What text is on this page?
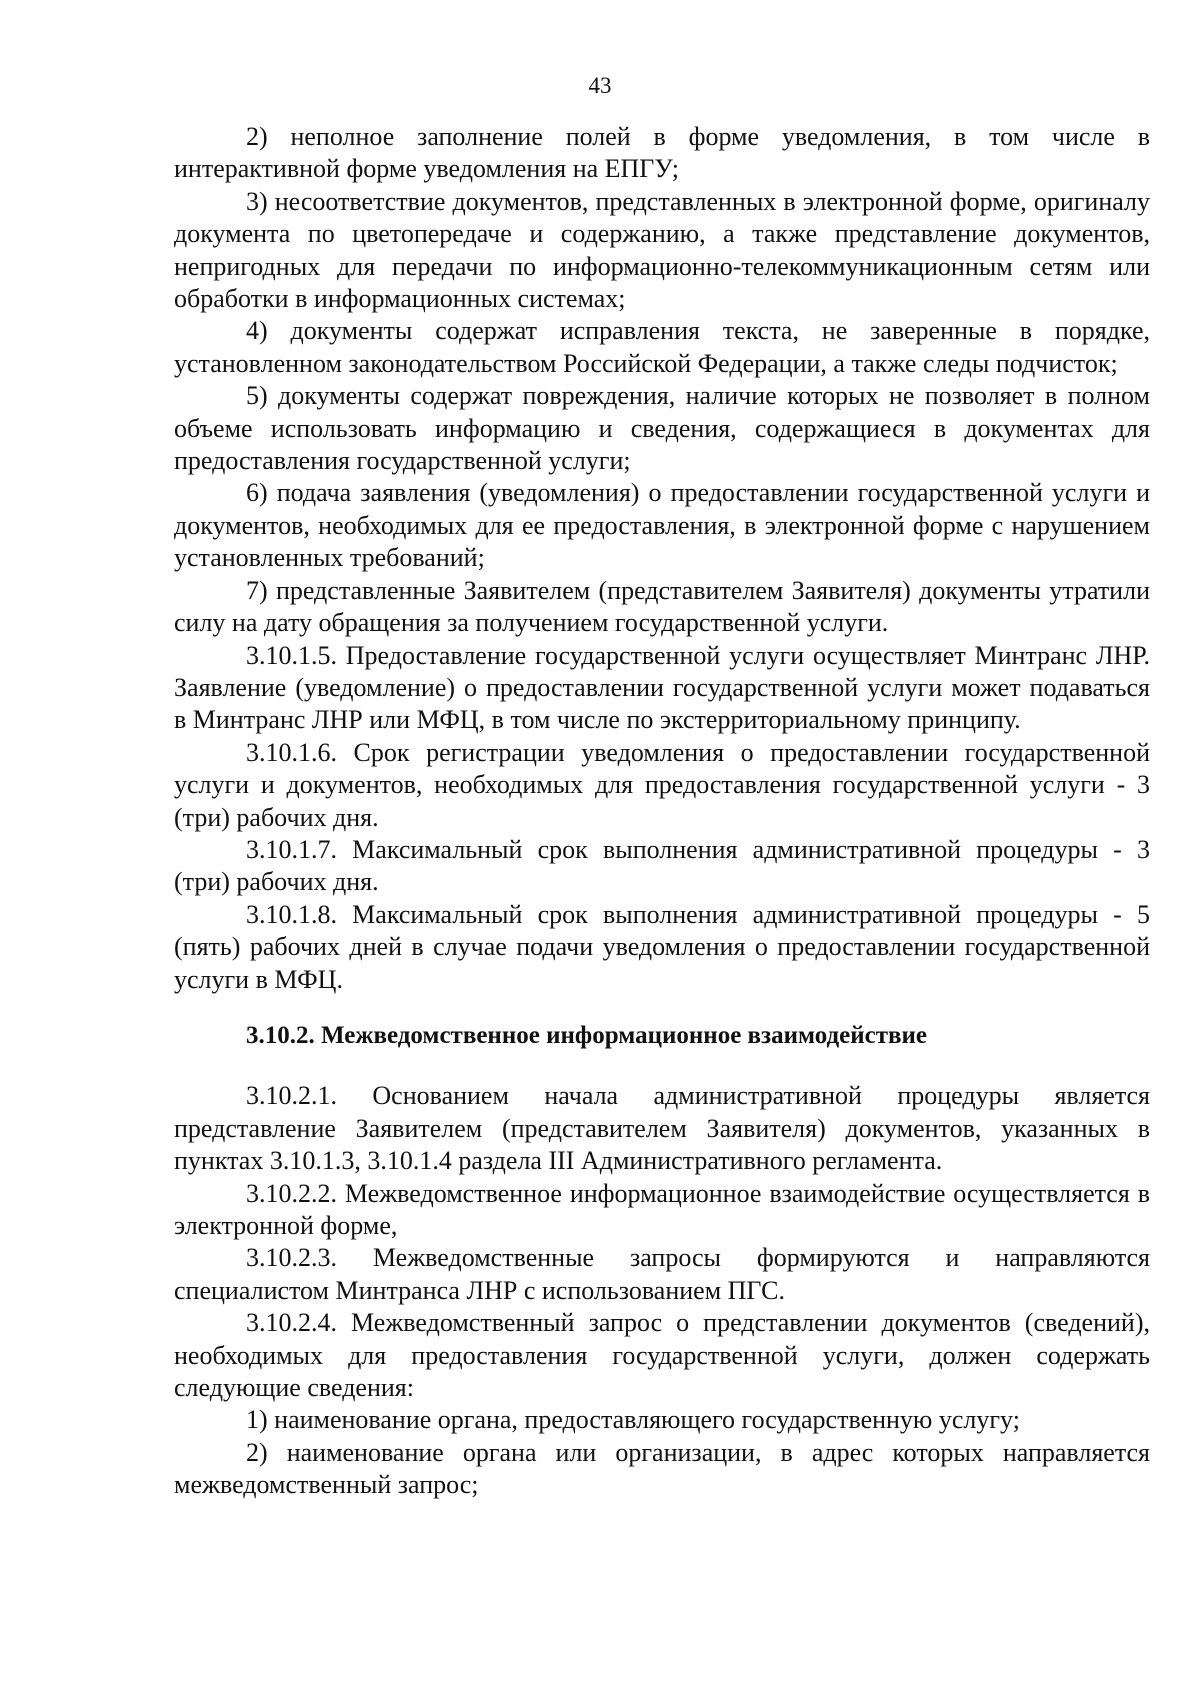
43

2) неполное заполнение полей в форме уведомления, в том числе в интерактивной форме уведомления на ЕПГУ;

3) несоответствие документов, представленных в электронной форме, оригиналу документа по цветопередаче и содержанию, а также представление документов, непригодных для передачи по информационно-телекоммуникационным сетям или обработки в информационных системах;

4) документы содержат исправления текста, не заверенные в порядке, установленном законодательством Российской Федерации, а также следы подчисток;

5) документы содержат повреждения, наличие которых не позволяет в полном объеме использовать информацию и сведения, содержащиеся в документах для предоставления государственной услуги;

6) подача заявления (уведомления) о предоставлении государственной услуги и документов, необходимых для ее предоставления, в электронной форме с нарушением установленных требований;

7) представленные Заявителем (представителем Заявителя) документы утратили силу на дату обращения за получением государственной услуги.

3.10.1.5. Предоставление государственной услуги осуществляет Минтранс ЛНР. Заявление (уведомление) о предоставлении государственной услуги может подаваться в Минтранс ЛНР или МФЦ, в том числе по экстерриториальному принципу.

3.10.1.6. Срок регистрации уведомления о предоставлении государственной услуги и документов, необходимых для предоставления государственной услуги - 3 (три) рабочих дня.

3.10.1.7. Максимальный срок выполнения административной процедуры - 3 (три) рабочих дня.

3.10.1.8. Максимальный срок выполнения административной процедуры - 5 (пять) рабочих дней в случае подачи уведомления о предоставлении государственной услуги в МФЦ.

3.10.2. Межведомственное информационное взаимодействие

3.10.2.1. Основанием начала административной процедуры является представление Заявителем (представителем Заявителя) документов, указанных в пунктах 3.10.1.3, 3.10.1.4 раздела III Административного регламента.

3.10.2.2. Межведомственное информационное взаимодействие осуществляется в электронной форме,

3.10.2.3. Межведомственные запросы формируются и направляются специалистом Минтранса ЛНР с использованием ПГС.

3.10.2.4. Межведомственный запрос о представлении документов (сведений), необходимых для предоставления государственной услуги, должен содержать следующие сведения:

1) наименование органа, предоставляющего государственную услугу;

2) наименование органа или организации, в адрес которых направляется межведомственный запрос;
